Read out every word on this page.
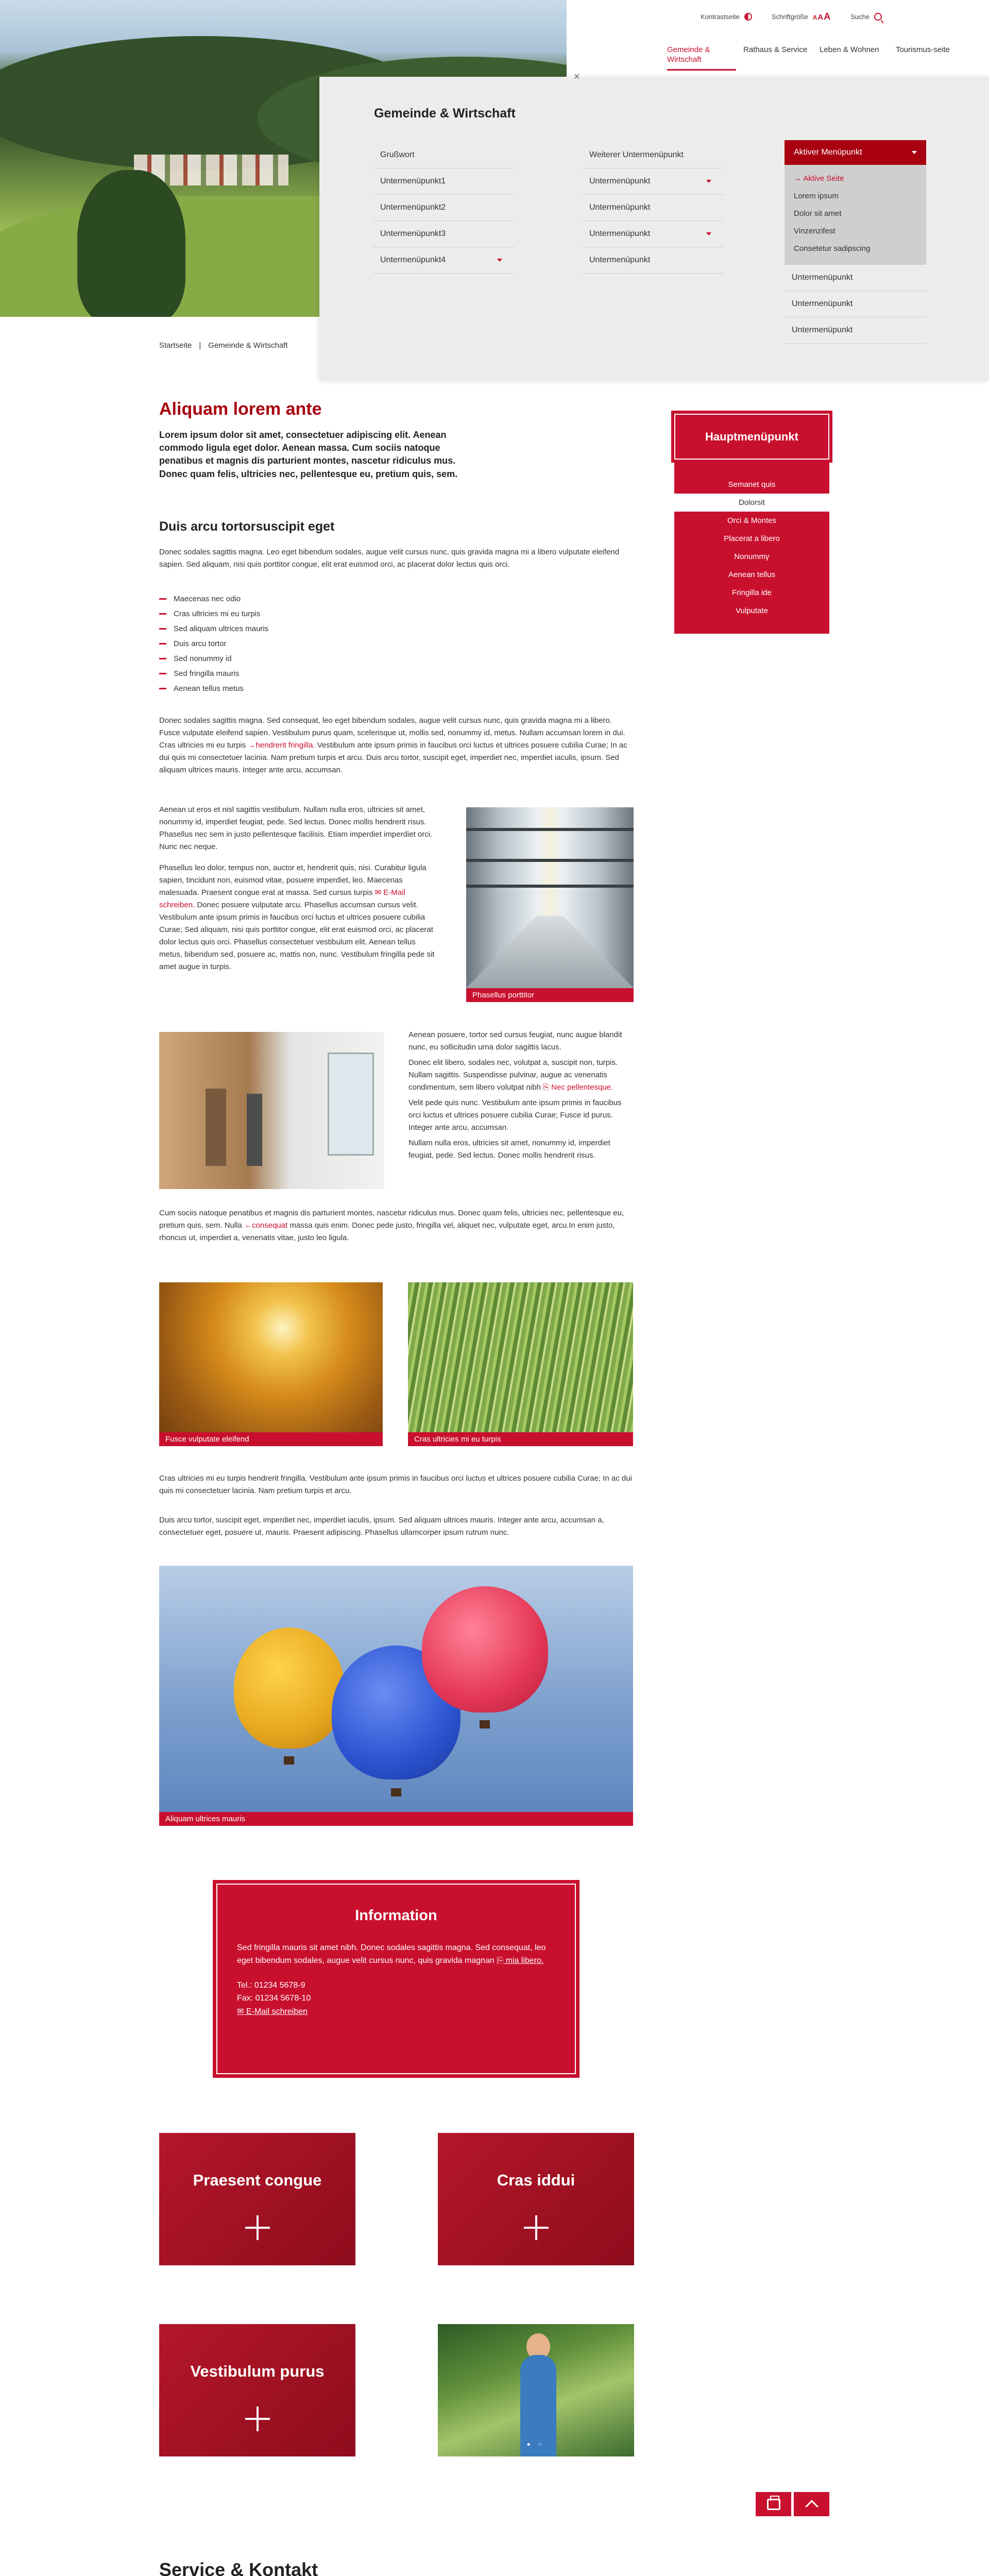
Kontrastseite	Schriftgröße AAA	Suche
Gemeinde & Wirtschaft
Rathaus & Service	Leben & Wohnen	Tourismus-seite
Gemeinde & Wirtschaft
Grußwort
Untermenüpunkt1
Untermenüpunkt2
Untermenüpunkt3
Untermenüpunkt4
Weiterer Untermenüpunkt
Untermenüpunkt
Untermenüpunkt
Untermenüpunkt
Untermenüpunkt
Aktiver Menüpunkt
→ Aktive Seite
Lorem ipsum
Dolor sit amet
Vinzenzifest
Consetetur sadipscing
Untermenüpunkt
Untermenüpunkt
Untermenüpunkt
×
Startseite | Gemeinde & Wirtschaft
Aliquam lorem ante
Lorem ipsum dolor sit amet, consectetuer adipiscing elit. Aenean commodo ligula eget dolor. Aenean massa. Cum sociis natoque penatibus et magnis dis parturient montes, nascetur ridiculus mus. Donec quam felis, ultricies nec, pellentesque eu, pretium quis, sem.
Duis arcu tortorsuscipit eget
Donec sodales sagittis magna. Leo eget bibendum sodales, augue velit cursus nunc, quis gravida magna mi a libero vulputate eleifend sapien. Sed aliquam, nisi quis porttitor congue, elit erat euismod orci, ac placerat dolor lectus quis orci.
Maecenas nec odio
Cras ultricies mi eu turpis
Sed aliquam ultrices mauris
Duis arcu tortor
Sed nonummy id
Sed fringilla mauris
Aenean tellus metus
Donec sodales sagittis magna. Sed consequat, leo eget bibendum sodales, augue velit cursus nunc, quis gravida magna mi a libero. Fusce vulputate eleifend sapien. Vestibulum purus quam, scelerisque ut, mollis sed, nonummy id, metus. Nullam accumsan lorem in dui. Cras ultricies mi eu turpis →hendrerit fringilla. Vestibulum ante ipsum primis in faucibus orci luctus et ultrices posuere cubilia Curae; In ac dui quis mi consectetuer lacinia. Nam pretium turpis et arcu. Duis arcu tortor, suscipit eget, imperdiet nec, imperdiet iaculis, ipsum. Sed aliquam ultrices mauris. Integer ante arcu, accumsan.
Aenean ut eros et nisl sagittis vestibulum. Nullam nulla eros, ultricies sit amet, nonummy id, imperdiet feugiat, pede. Sed lectus. Donec mollis hendrerit risus. Phasellus nec sem in justo pellentesque facilisis. Etiam imperdiet imperdiet orci. Nunc nec neque.
Phasellus leo dolor, tempus non, auctor et, hendrerit quis, nisi. Curabitur ligula sapien, tincidunt non, euismod vitae, posuere imperdiet, leo. Maecenas malesuada. Praesent congue erat at massa. Sed cursus turpis ✉ E-Mail schreiben. Donec posuere vulputate arcu. Phasellus accumsan cursus velit. Vestibulum ante ipsum primis in faucibus orci luctus et ultrices posuere cubilia Curae; Sed aliquam, nisi quis porttitor congue, elit erat euismod orci, ac placerat dolor lectus quis orci. Phasellus consectetuer vestibulum elit. Aenean tellus metus, bibendum sed, posuere ac, mattis non, nunc. Vestibulum fringilla pede sit amet augue in turpis.
Phasellus porttitor
Aenean posuere, tortor sed cursus feugiat, nunc augue blandit nunc, eu sollicitudin urna dolor sagittis lacus.
Donec elit libero, sodales nec, volutpat a, suscipit non, turpis. Nullam sagittis. Suspendisse pulvinar, augue ac venenatis condimentum, sem libero volutpat nibh ⎘ Nec pellentesque.
Velit pede quis nunc. Vestibulum ante ipsum primis in faucibus orci luctus et ultrices posuere cubilia Curae; Fusce id purus. Integer ante arcu, accumsan.
Nullam nulla eros, ultricies sit amet, nonummy id, imperdiet feugiat, pede. Sed lectus. Donec mollis hendrerit risus.
Cum sociis natoque penatibus et magnis dis parturient montes, nascetur ridiculus mus. Donec quam felis, ultricies nec, pellentesque eu, pretium quis, sem. Nulla ←consequat massa quis enim. Donec pede justo, fringilla vel, aliquet nec, vulputate eget, arcu.In enim justo, rhoncus ut, imperdiet a, venenatis vitae, justo leo ligula.
Fusce vulputate eleifend	Cras ultricies mi eu turpis
Cras ultricies mi eu turpis hendrerit fringilla. Vestibulum ante ipsum primis in faucibus orci luctus et ultrices posuere cubilia Curae; In ac dui quis mi consectetuer lacinia. Nam pretium turpis et arcu.
Duis arcu tortor, suscipit eget, imperdiet nec, imperdiet iaculis, ipsum. Sed aliquam ultrices mauris. Integer ante arcu, accumsan a, consectetuer eget, posuere ut, mauris. Praesent adipiscing. Phasellus ullamcorper ipsum rutrum nunc.
Aliquam ultrices mauris
Hauptmenüpunkt
Semanet quis
Dolorsit
Orci & Montes
Placerat a libero
Nonummy
Aenean tellus
Fringilla ide
Vulputate
Information
Sed fringilla mauris sit amet nibh. Donec sodales sagittis magna. Sed consequat, leo eget bibendum sodales, augue velit cursus nunc, quis gravida magnan ⎘ mia libero.
Tel.: 01234 5678-9
Fax: 01234 5678-10
✉ E-Mail schreiben
Praesent congue	Cras iddui
Vestibulum purus
● ○
Service & Kontakt
